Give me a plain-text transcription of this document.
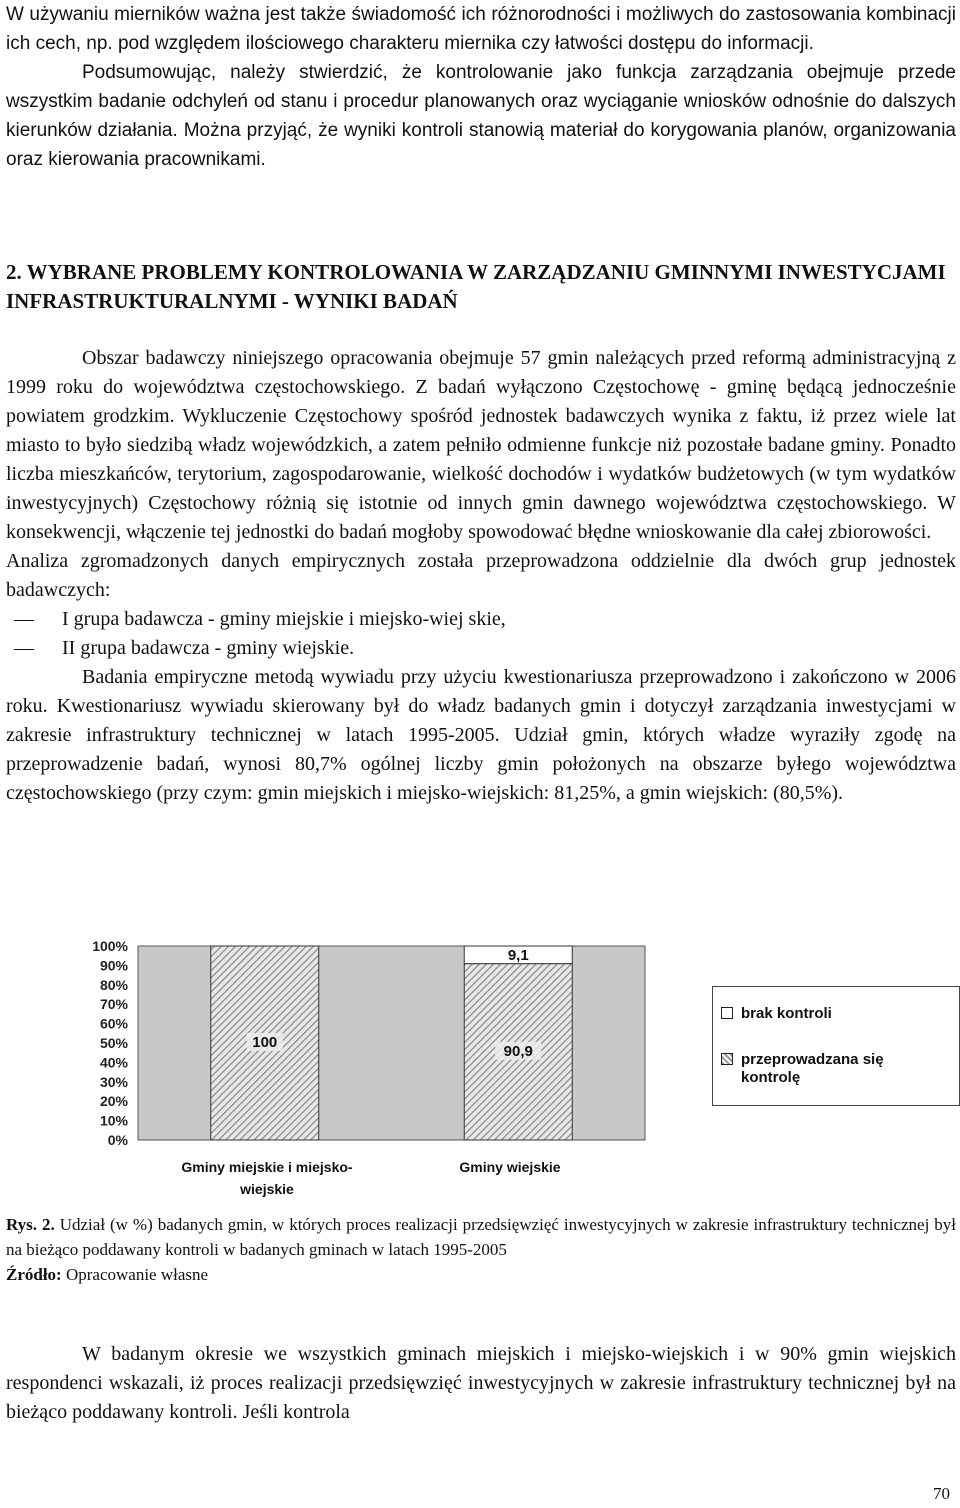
W używaniu mierników ważna jest także świadomość ich różnorodności i możliwych do zastosowania kombinacji ich cech, np. pod względem ilościowego charakteru miernika czy łatwości dostępu do informacji.

Podsumowując, należy stwierdzić, że kontrolowanie jako funkcja zarządzania obejmuje przede wszystkim badanie odchyleń od stanu i procedur planowanych oraz wyciąganie wniosków odnośnie do dalszych kierunków działania. Można przyjąć, że wyniki kontroli stanowią materiał do korygowania planów, organizowania oraz kierowania pracownikami.

2. WYBRANE PROBLEMY KONTROLOWANIA W ZARZĄDZANIU GMINNYMI INWESTYCJAMI INFRASTRUKTURALNYMI - WYNIKI BADAŃ

Obszar badawczy niniejszego opracowania obejmuje 57 gmin należących przed reformą administracyjną z 1999 roku do województwa częstochowskiego. Z badań wyłączono Częstochowę - gminę będącą jednocześnie powiatem grodzkim. Wykluczenie Częstochowy spośród jednostek badawczych wynika z faktu, iż przez wiele lat miasto to było siedzibą władz wojewódzkich, a zatem pełniło odmienne funkcje niż pozostałe badane gminy. Ponadto liczba mieszkańców, terytorium, zagospodarowanie, wielkość dochodów i wydatków budżetowych (w tym wydatków inwestycyjnych) Częstochowy różnią się istotnie od innych gmin dawnego województwa częstochowskiego. W konsekwencji, włączenie tej jednostki do badań mogłoby spowodować błędne wnioskowanie dla całej zbiorowości.

Analiza zgromadzonych danych empirycznych została przeprowadzona oddzielnie dla dwóch grup jednostek badawczych:

— I grupa badawcza - gminy miejskie i miejsko-wiej skie,
— II grupa badawcza - gminy wiejskie.

Badania empiryczne metodą wywiadu przy użyciu kwestionariusza przeprowadzono i zakończono w 2006 roku. Kwestionariusz wywiadu skierowany był do władz badanych gmin i dotyczył zarządzania inwestycjami w zakresie infrastruktury technicznej w latach 1995-2005. Udział gmin, których władze wyraziły zgodę na przeprowadzenie badań, wynosi 80,7% ogólnej liczby gmin położonych na obszarze byłego województwa częstochowskiego (przy czym: gmin miejskich i miejsko-wiejskich: 81,25%, a gmin wiejskich: (80,5%).

0%
10%
20%
30%
40%
50%
60%
70%
80%
90%
100%
100
90,9
9,1
Gminy miejskie i miejsko-
wiejskie
Gminy wiejskie
brak kontroli
przeprowadzana się
kontrolę
Rys. 2. Udział (w %) badanych gmin, w których proces realizacji przedsięwzięć inwestycyjnych w zakresie infrastruktury technicznej był na bieżąco poddawany kontroli w badanych gminach w latach 1995-2005
Źródło: Opracowanie własne

W badanym okresie we wszystkich gminach miejskich i miejsko-wiejskich i w 90% gmin wiejskich respondenci wskazali, iż proces realizacji przedsięwzięć inwestycyjnych w zakresie infrastruktury technicznej był na bieżąco poddawany kontroli. Jeśli kontrola

70
